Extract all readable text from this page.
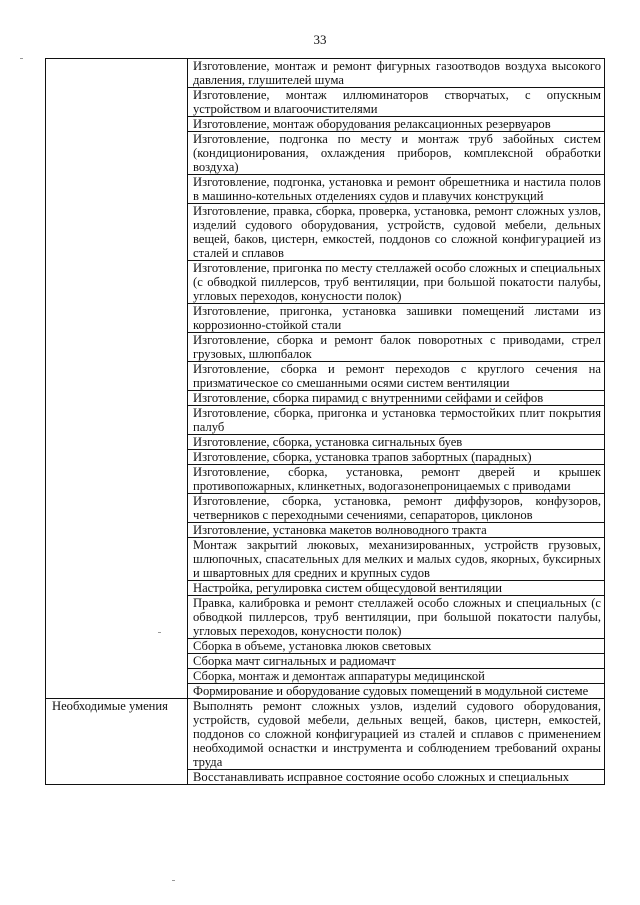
33
	Изготовление, монтаж и ремонт фигурных газоотводов воздуха высокого давления, глушителей шума
	Изготовление, монтаж иллюминаторов створчатых, с опускным устройством и влагоочистителями
	Изготовление, монтаж оборудования релаксационных резервуаров
	Изготовление, подгонка по месту и монтаж труб забойных систем (кондиционирования, охлаждения приборов, комплексной обработки воздуха)
	Изготовление, подгонка, установка и ремонт обрешетника и настила полов в машинно-котельных отделениях судов и плавучих конструкций
	Изготовление, правка, сборка, проверка, установка, ремонт сложных узлов, изделий судового оборудования, устройств, судовой мебели, дельных вещей, баков, цистерн, емкостей, поддонов со сложной конфигурацией из сталей и сплавов
	Изготовление, пригонка по месту стеллажей особо сложных и специальных (с обводкой пиллерсов, труб вентиляции, при большой покатости палубы, угловых переходов, конусности полок)
	Изготовление, пригонка, установка зашивки помещений листами из коррозионно-стойкой стали
	Изготовление, сборка и ремонт балок поворотных с приводами, стрел грузовых, шлюпбалок
	Изготовление, сборка и ремонт переходов с круглого сечения на призматическое со смешанными осями систем вентиляции
	Изготовление, сборка пирамид с внутренними сейфами и сейфов
	Изготовление, сборка, пригонка и установка термостойких плит покрытия палуб
	Изготовление, сборка, установка сигнальных буев
	Изготовление, сборка, установка трапов забортных (парадных)
	Изготовление, сборка, установка, ремонт дверей и крышек противопожарных, клинкетных, водогазонепроницаемых с приводами
	Изготовление, сборка, установка, ремонт диффузоров, конфузоров, четверников с переходными сечениями, сепараторов, циклонов
	Изготовление, установка макетов волноводного тракта
	Монтаж закрытий люковых, механизированных, устройств грузовых, шлюпочных, спасательных для мелких и малых судов, якорных, буксирных и швартовных для средних и крупных судов
	Настройка, регулировка систем общесудовой вентиляции
	Правка, калибровка и ремонт стеллажей особо сложных и специальных (с обводкой пиллерсов, труб вентиляции, при большой покатости палубы, угловых переходов, конусности полок)
	Сборка в объеме, установка люков световых
	Сборка мачт сигнальных и радиомачт
	Сборка, монтаж и демонтаж аппаратуры медицинской
	Формирование и оборудование судовых помещений в модульной системе

Необходимые умения	Выполнять ремонт сложных узлов, изделий судового оборудования, устройств, судовой мебели, дельных вещей, баков, цистерн, емкостей, поддонов со сложной конфигурацией из сталей и сплавов с применением необходимой оснастки и инструмента и соблюдением требований охраны труда
	Восстанавливать исправное состояние особо сложных и специальных
